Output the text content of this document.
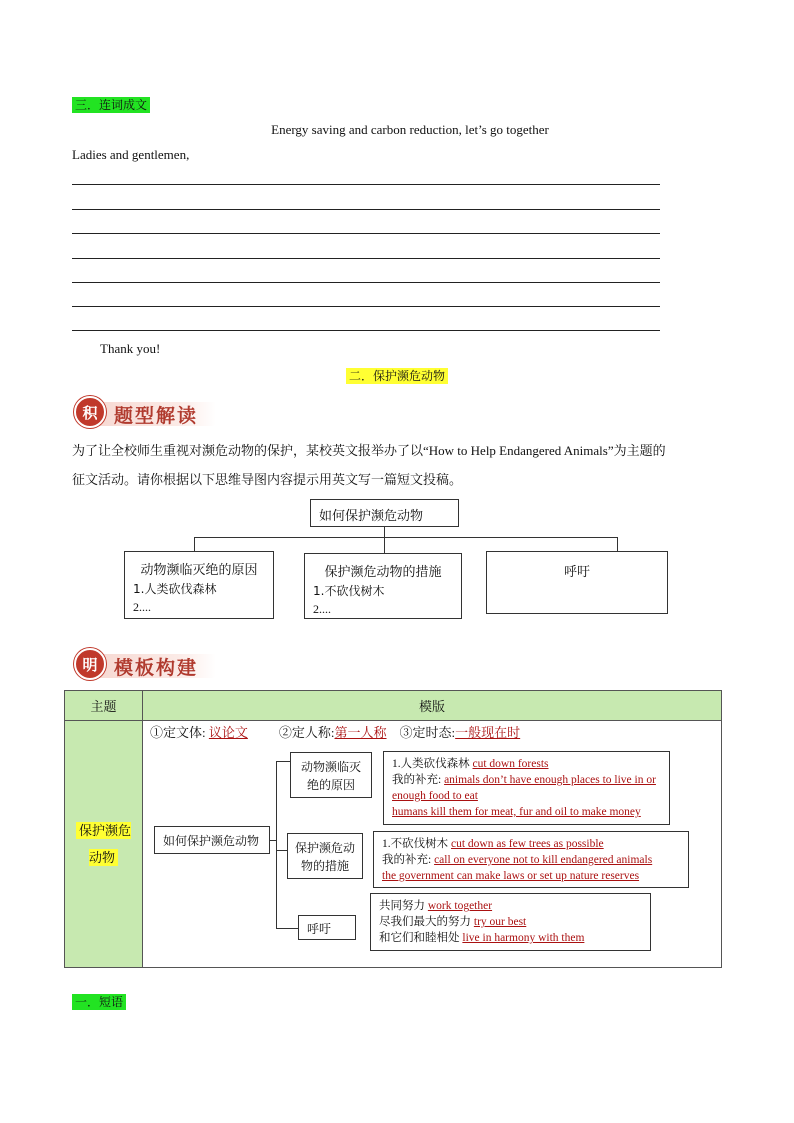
三．连词成文
Energy saving and carbon reduction, let’s go together
Ladies and gentlemen,
Thank you!
二．保护濒危动物
积 题型解读
为了让全校师生重视对濒危动物的保护，某校英文报举办了以“How to Help Endangered Animals”为主题的
征文活动。请你根据以下思维导图内容提示用英文写一篇短文投稿。
如何保护濒危动物
动物濒临灭绝的原因
1.人类砍伐森林
2....
保护濒危动物的措施
1.不砍伐树木
2....
呼吁
明 模板构建
主题	模版
保护濒危动物	
①定文体: 议论文 ②定人称:第一人称 ③定时态:一般现在时
如何保护濒危动物
动物濒临灭绝的原因
保护濒危动物的措施
呼吁
1.人类砍伐森林 cut down forests
我的补充: animals don’t have enough places to live in or enough food to eat
humans kill them for meat, fur and oil to make money
1.不砍伐树木 cut down as few trees as possible
我的补充: call on everyone not to kill endangered animals
the government can make laws or set up nature reserves
共同努力 work together
尽我们最大的努力 try our best
和它们和睦相处 live in harmony with them
一．短语
